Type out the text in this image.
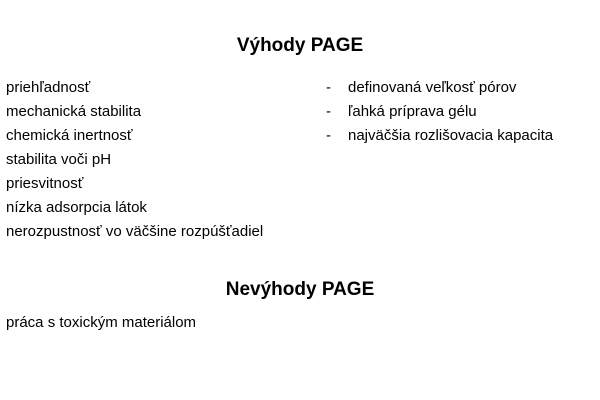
Výhody PAGE
priehľadnosť
mechanická stabilita
chemická inertnosť
stabilita voči pH
priesvitnosť
nízka adsorpcia látok
nerozpustnosť vo väčšine rozpúšťadiel
- definovaná veľkosť pórov
- ľahká príprava gélu
- najväčšia rozlišovacia kapacita
Nevýhody PAGE
práca s toxickým materiálom
